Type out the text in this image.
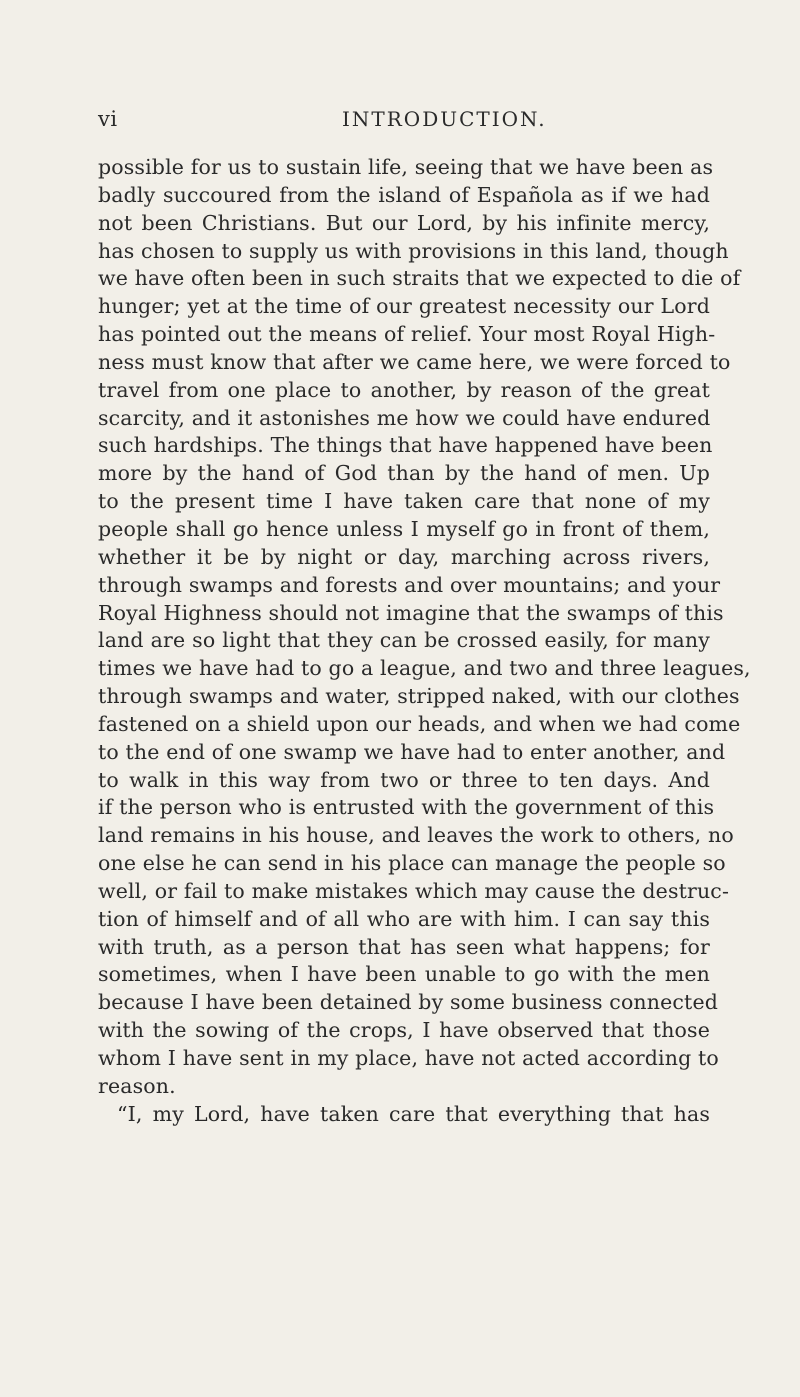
vi	INTRODUCTION.
possible for us to sustain life, seeing that we have been as
badly succoured from the island of Española as if we had
not been Christians. But our Lord, by his infinite mercy,
has chosen to supply us with provisions in this land, though
we have often been in such straits that we expected to die of
hunger; yet at the time of our greatest necessity our Lord
has pointed out the means of relief. Your most Royal High-
ness must know that after we came here, we were forced to
travel from one place to another, by reason of the great
scarcity, and it astonishes me how we could have endured
such hardships. The things that have happened have been
more by the hand of God than by the hand of men. Up
to the present time I have taken care that none of my
people shall go hence unless I myself go in front of them,
whether it be by night or day, marching across rivers,
through swamps and forests and over mountains; and your
Royal Highness should not imagine that the swamps of this
land are so light that they can be crossed easily, for many
times we have had to go a league, and two and three leagues,
through swamps and water, stripped naked, with our clothes
fastened on a shield upon our heads, and when we had come
to the end of one swamp we have had to enter another, and
to walk in this way from two or three to ten days. And
if the person who is entrusted with the government of this
land remains in his house, and leaves the work to others, no
one else he can send in his place can manage the people so
well, or fail to make mistakes which may cause the destruc-
tion of himself and of all who are with him. I can say this
with truth, as a person that has seen what happens; for
sometimes, when I have been unable to go with the men
because I have been detained by some business connected
with the sowing of the crops, I have observed that those
whom I have sent in my place, have not acted according to
reason.
“I, my Lord, have taken care that everything that has
